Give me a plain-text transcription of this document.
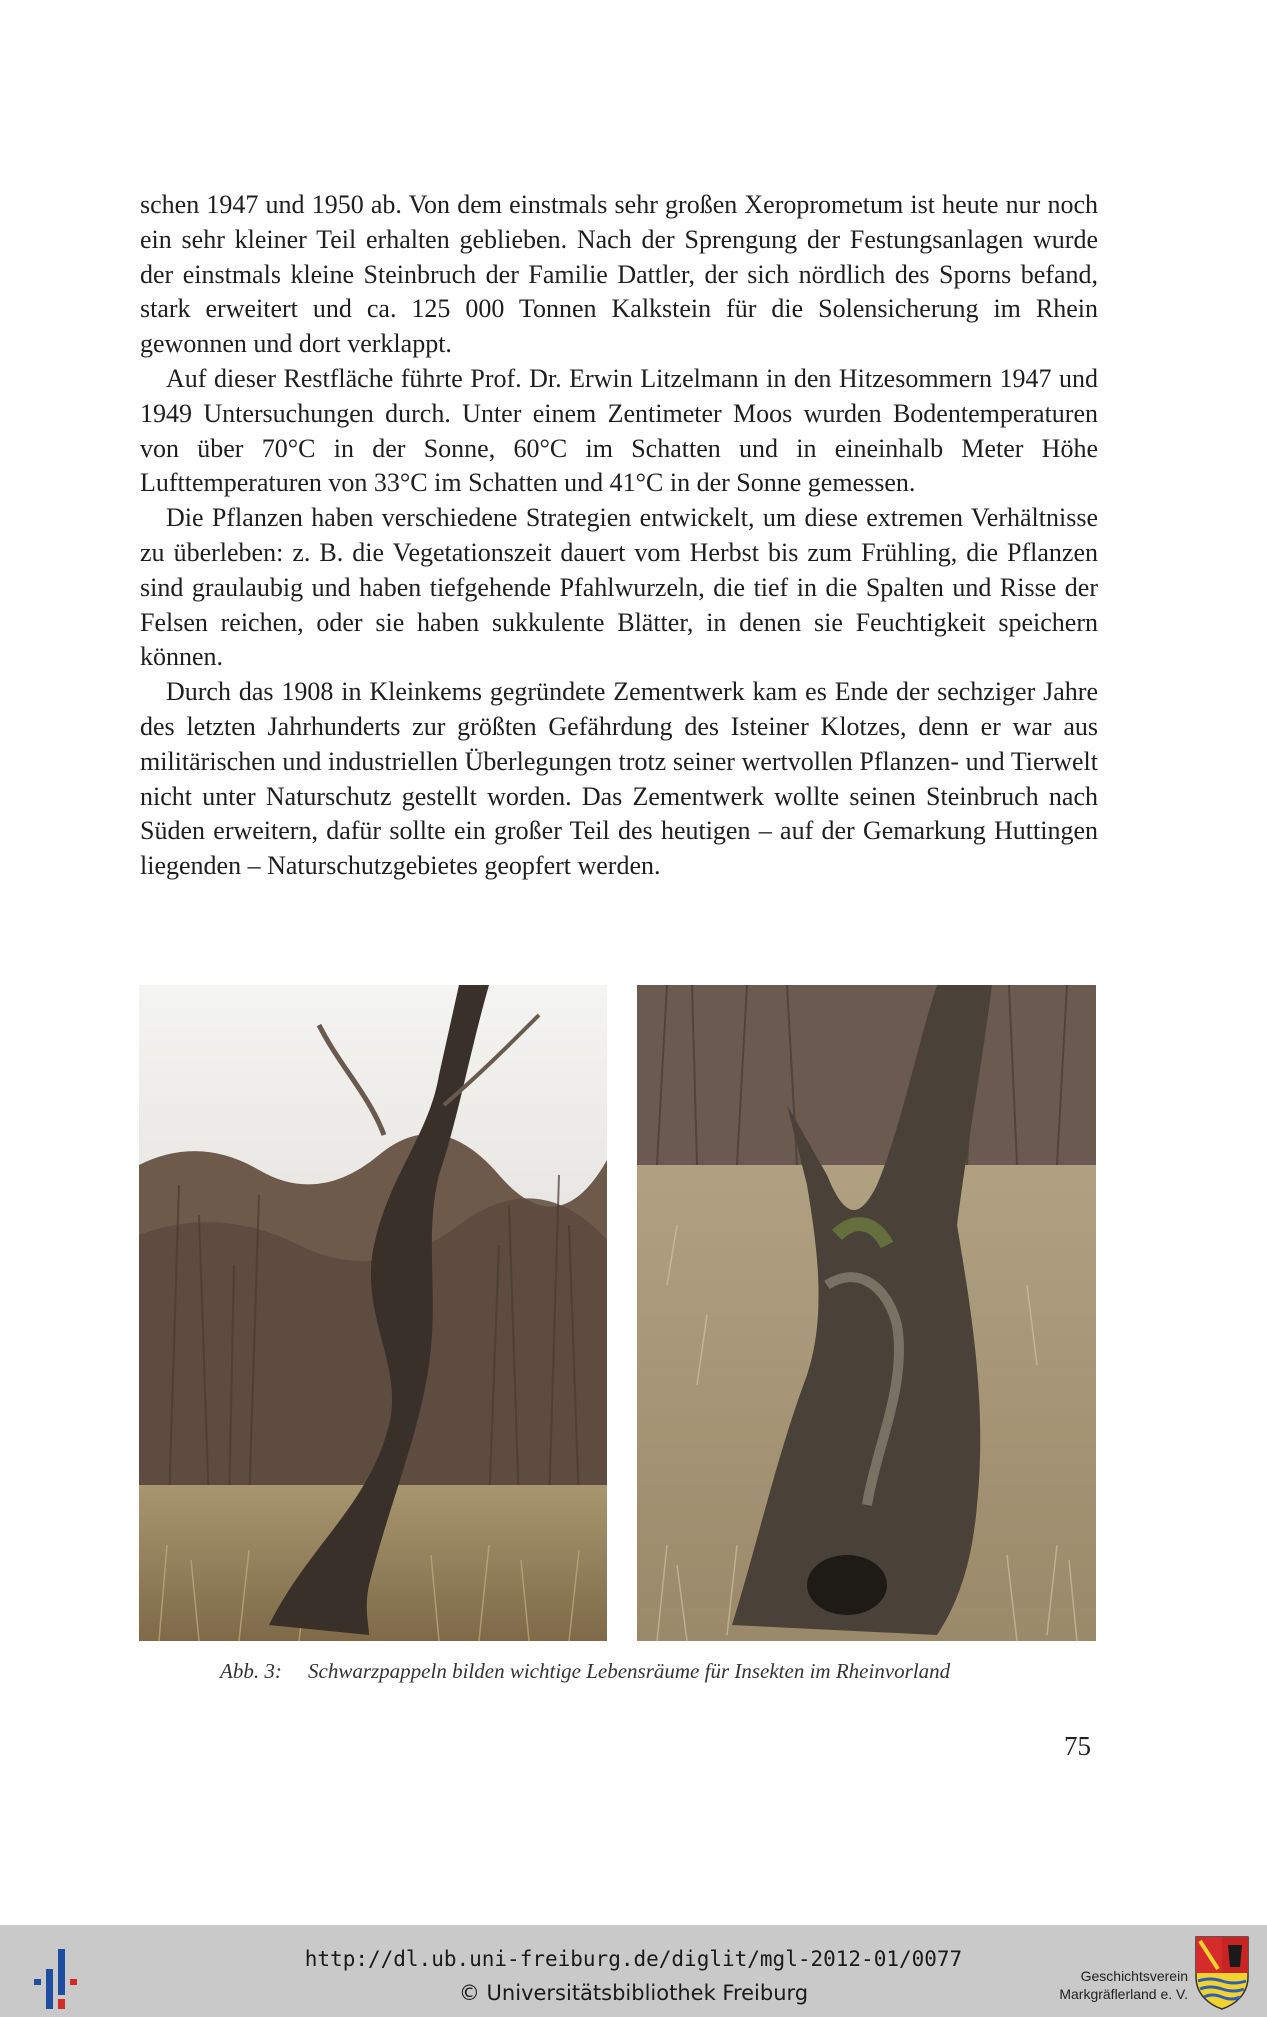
schen 1947 und 1950 ab. Von dem einstmals sehr großen Xeroprometum ist heute nur noch ein sehr kleiner Teil erhalten geblieben. Nach der Sprengung der Festungsanlagen wurde der einstmals kleine Steinbruch der Familie Dattler, der sich nördlich des Sporns befand, stark erweitert und ca. 125 000 Tonnen Kalkstein für die Solensicherung im Rhein gewonnen und dort verklappt.

Auf dieser Restfläche führte Prof. Dr. Erwin Litzelmann in den Hitzesommern 1947 und 1949 Untersuchungen durch. Unter einem Zentimeter Moos wurden Bodentemperaturen von über 70°C in der Sonne, 60°C im Schatten und in eineinhalb Meter Höhe Lufttemperaturen von 33°C im Schatten und 41°C in der Sonne gemessen.

Die Pflanzen haben verschiedene Strategien entwickelt, um diese extremen Verhältnisse zu überleben: z. B. die Vegetationszeit dauert vom Herbst bis zum Frühling, die Pflanzen sind graulaubig und haben tiefgehende Pfahlwurzeln, die tief in die Spalten und Risse der Felsen reichen, oder sie haben sukkulente Blätter, in denen sie Feuchtigkeit speichern können.

Durch das 1908 in Kleinkems gegründete Zementwerk kam es Ende der sechziger Jahre des letzten Jahrhunderts zur größten Gefährdung des Isteiner Klotzes, denn er war aus militärischen und industriellen Überlegungen trotz seiner wertvollen Pflanzen- und Tierwelt nicht unter Naturschutz gestellt worden. Das Zementwerk wollte seinen Steinbruch nach Süden erweitern, dafür sollte ein großer Teil des heutigen – auf der Gemarkung Huttingen liegenden – Naturschutzgebietes geopfert werden.

Abb. 3: Schwarzpappeln bilden wichtige Lebensräume für Insekten im Rheinvorland
75
http://dl.ub.uni-freiburg.de/diglit/mgl-2012-01/0077
© Universitätsbibliothek Freiburg
Geschichtsverein
Markgräflerland e. V.
